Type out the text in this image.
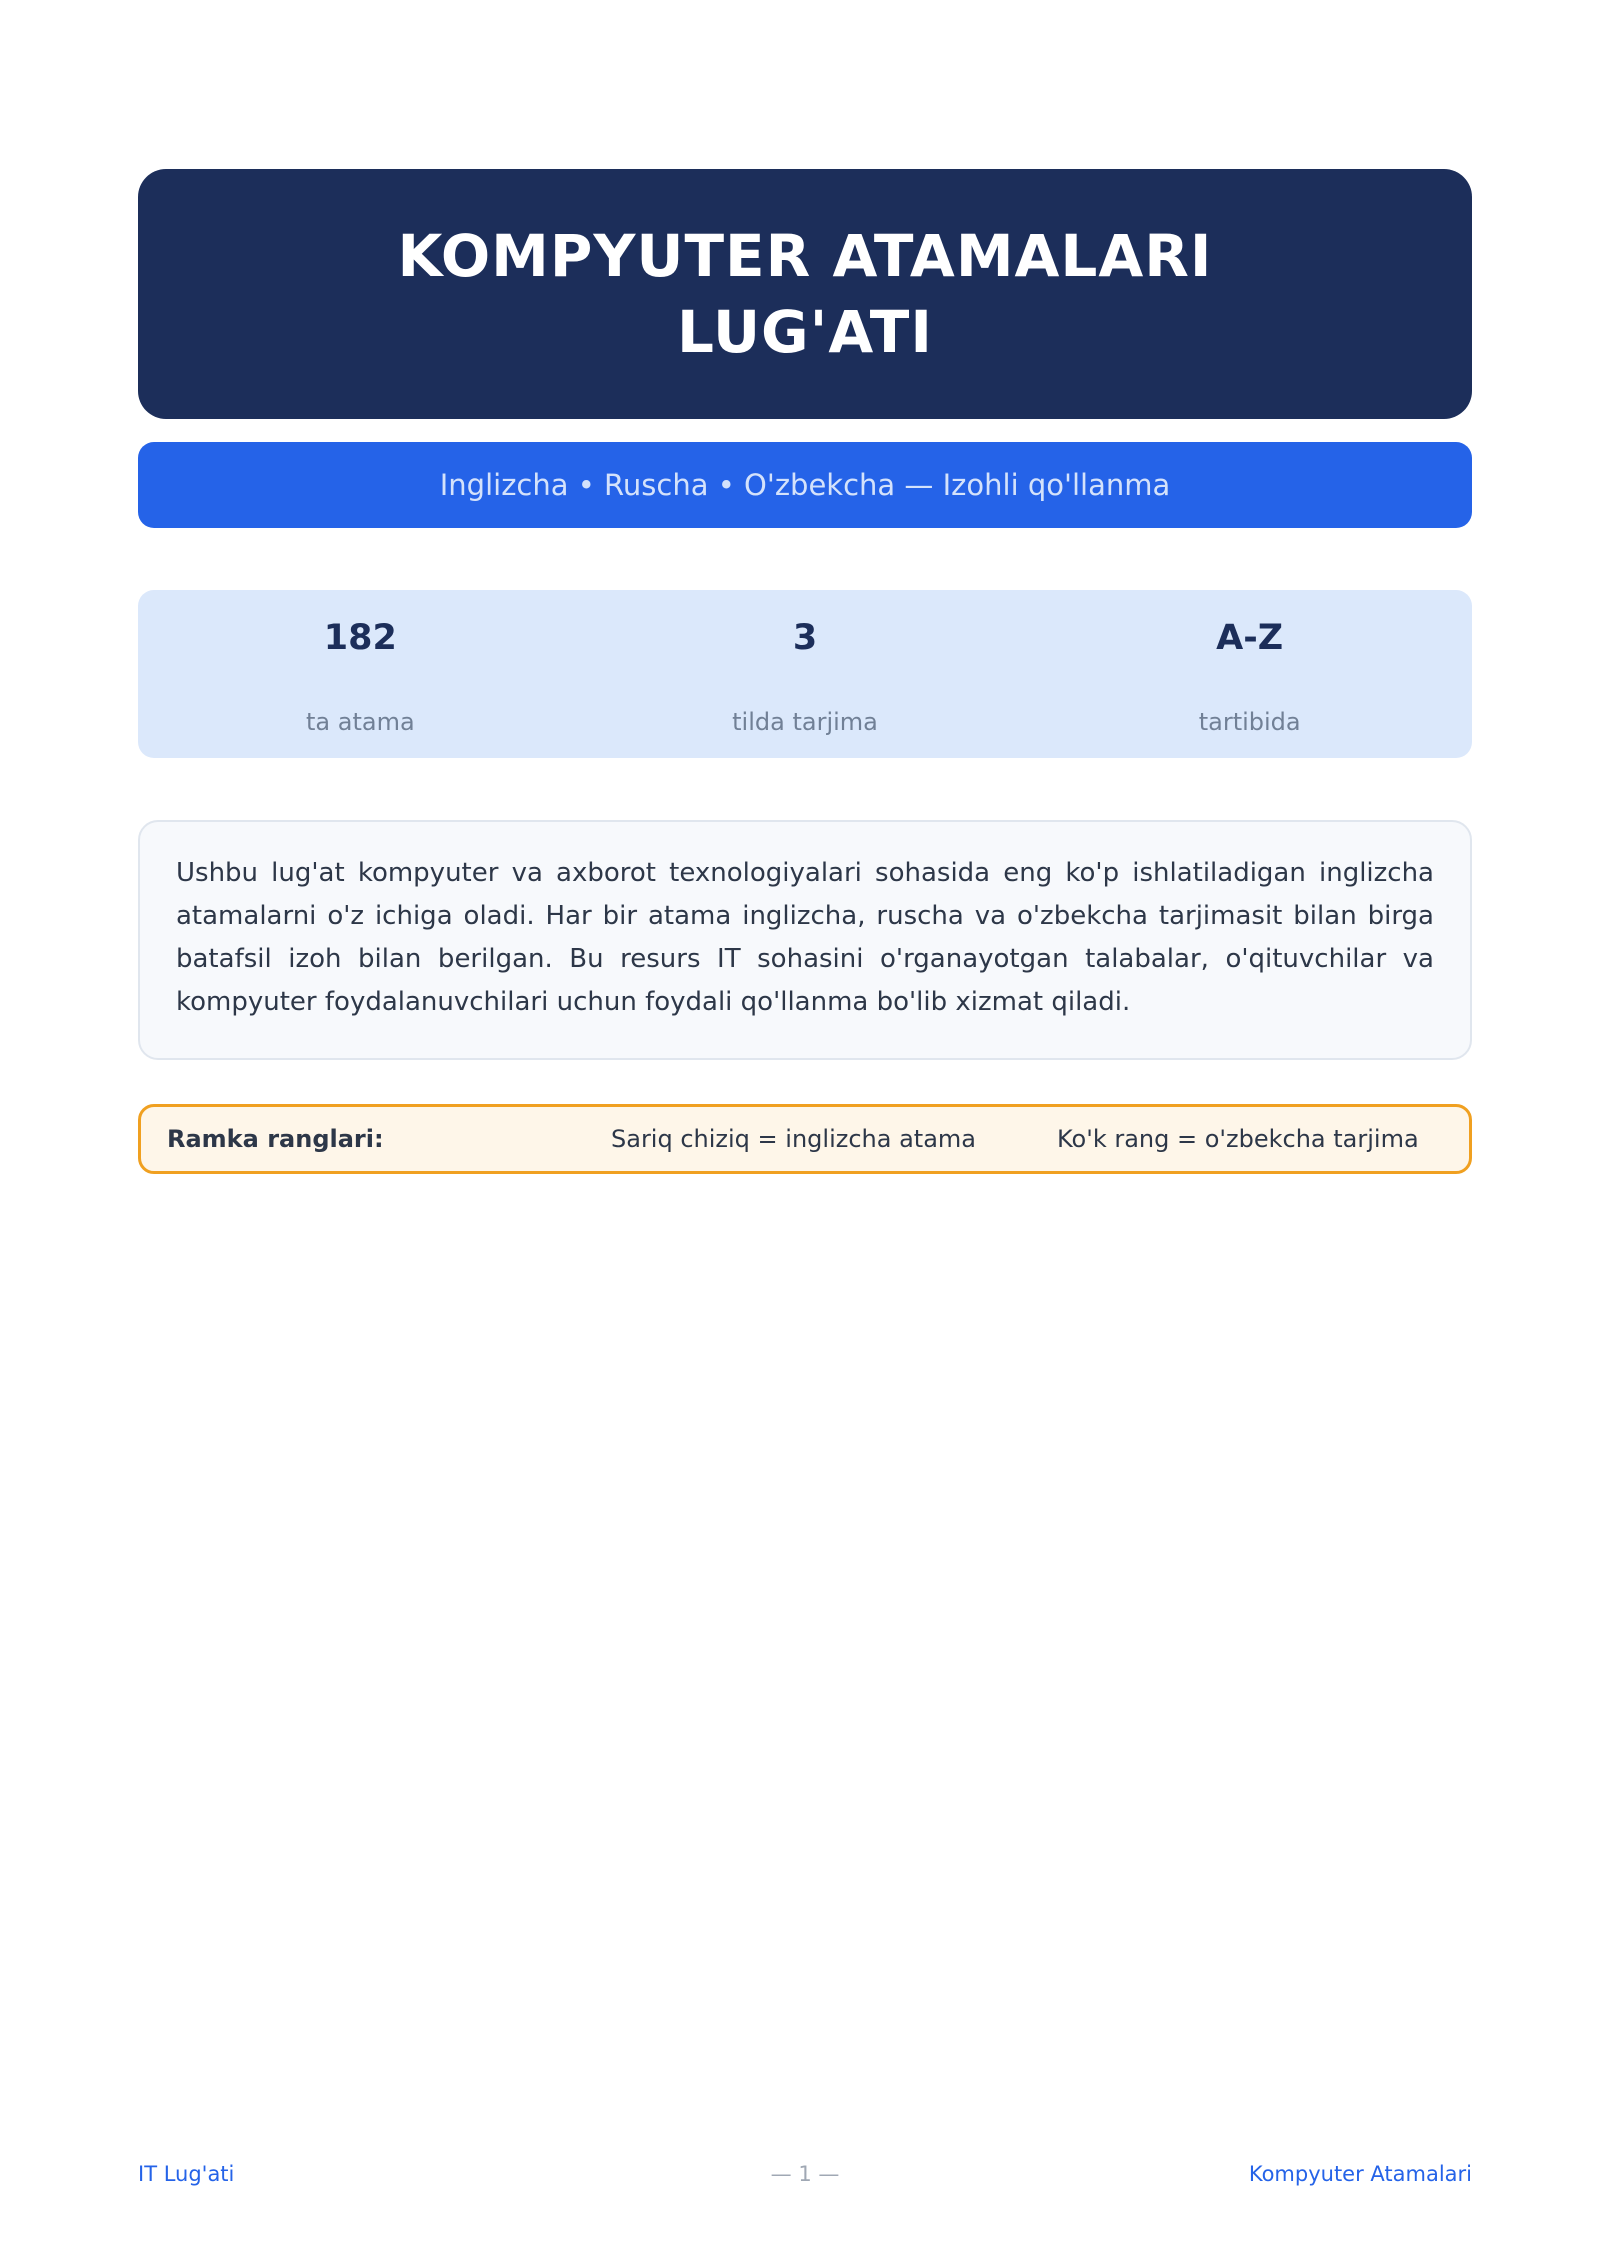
KOMPYUTER ATAMALARI LUG'ATI
Inglizcha • Ruscha • O'zbekcha — Izohli qo'llanma
182
ta atama
3
tilda tarjima
A-Z
tartibida

Ushbu lug'at kompyuter va axborot texnologiyalari sohasida eng ko'p ishlatiladigan inglizcha atamalarni o'z ichiga oladi. Har bir atama inglizcha, ruscha va o'zbekcha tarjimasit bilan birga batafsil izoh bilan berilgan. Bu resurs IT sohasini o'rganayotgan talabalar, o'qituvchilar va kompyuter foydalanuvchilari uchun foydali qo'llanma bo'lib xizmat qiladi.

Ramka ranglari:	Sariq chiziq = inglizcha atama	Ko'k rang = o'zbekcha tarjima
IT Lug'ati	— 1 —	Kompyuter Atamalari
